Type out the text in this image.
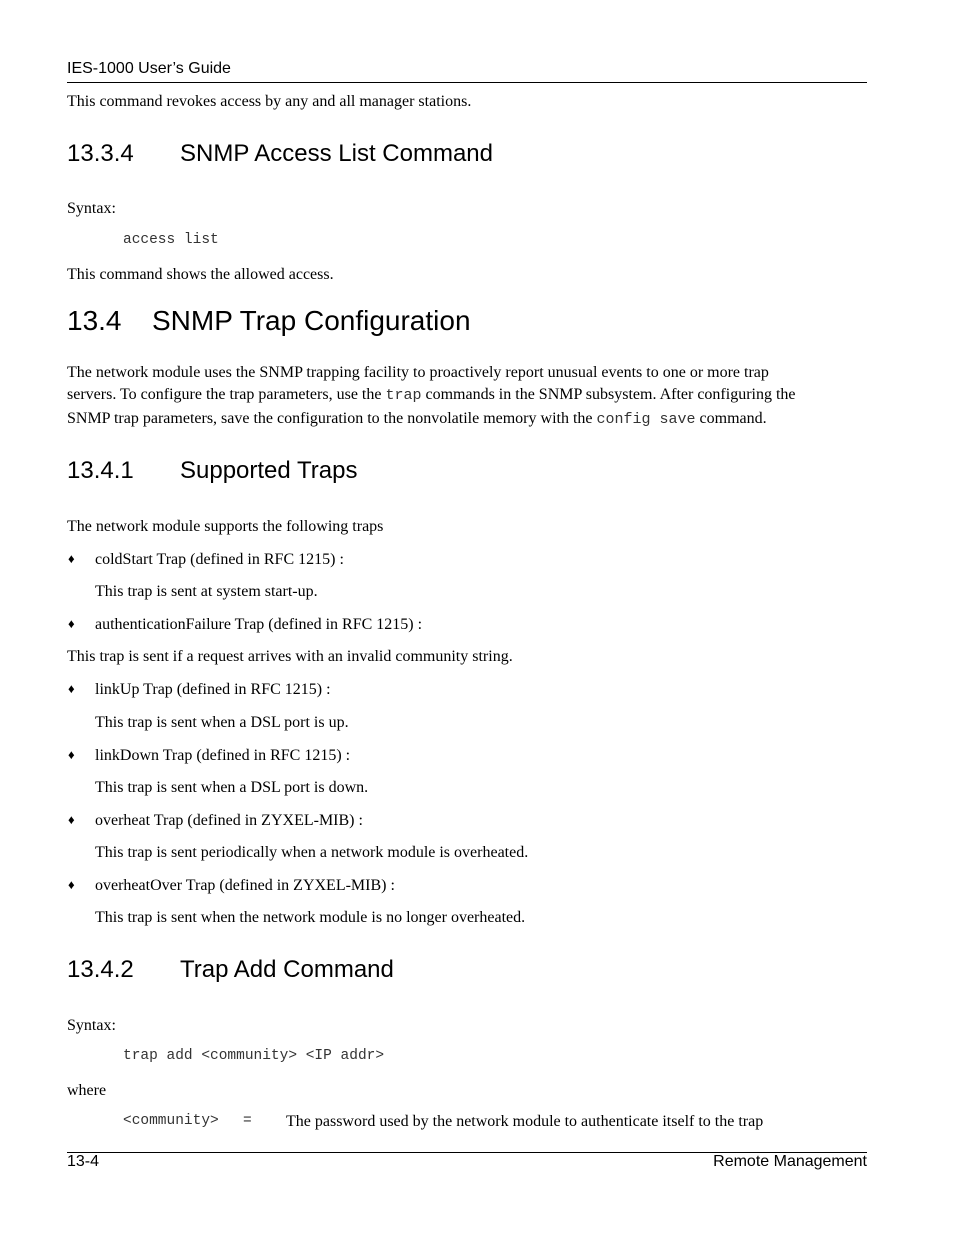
IES-1000 User’s Guide
This command revokes access by any and all manager stations.
13.3.4 SNMP Access List Command
Syntax:
access list
This command shows the allowed access.
13.4 SNMP Trap Configuration
The network module uses the SNMP trapping facility to proactively report unusual events to one or more trap
servers. To configure the trap parameters, use the trap commands in the SNMP subsystem. After configuring the
SNMP trap parameters, save the configuration to the nonvolatile memory with the config save command.
13.4.1 Supported Traps
The network module supports the following traps
♦ coldStart Trap (defined in RFC 1215) :
This trap is sent at system start-up.
♦ authenticationFailure Trap (defined in RFC 1215) :
This trap is sent if a request arrives with an invalid community string.
♦ linkUp Trap (defined in RFC 1215) :
This trap is sent when a DSL port is up.
♦ linkDown Trap (defined in RFC 1215) :
This trap is sent when a DSL port is down.
♦ overheat Trap (defined in ZYXEL-MIB) :
This trap is sent periodically when a network module is overheated.
♦ overheatOver Trap (defined in ZYXEL-MIB) :
This trap is sent when the network module is no longer overheated.
13.4.2 Trap Add Command
Syntax:
trap add <community> <IP addr>
where
<community> = The password used by the network module to authenticate itself to the trap
13-4	Remote Management
